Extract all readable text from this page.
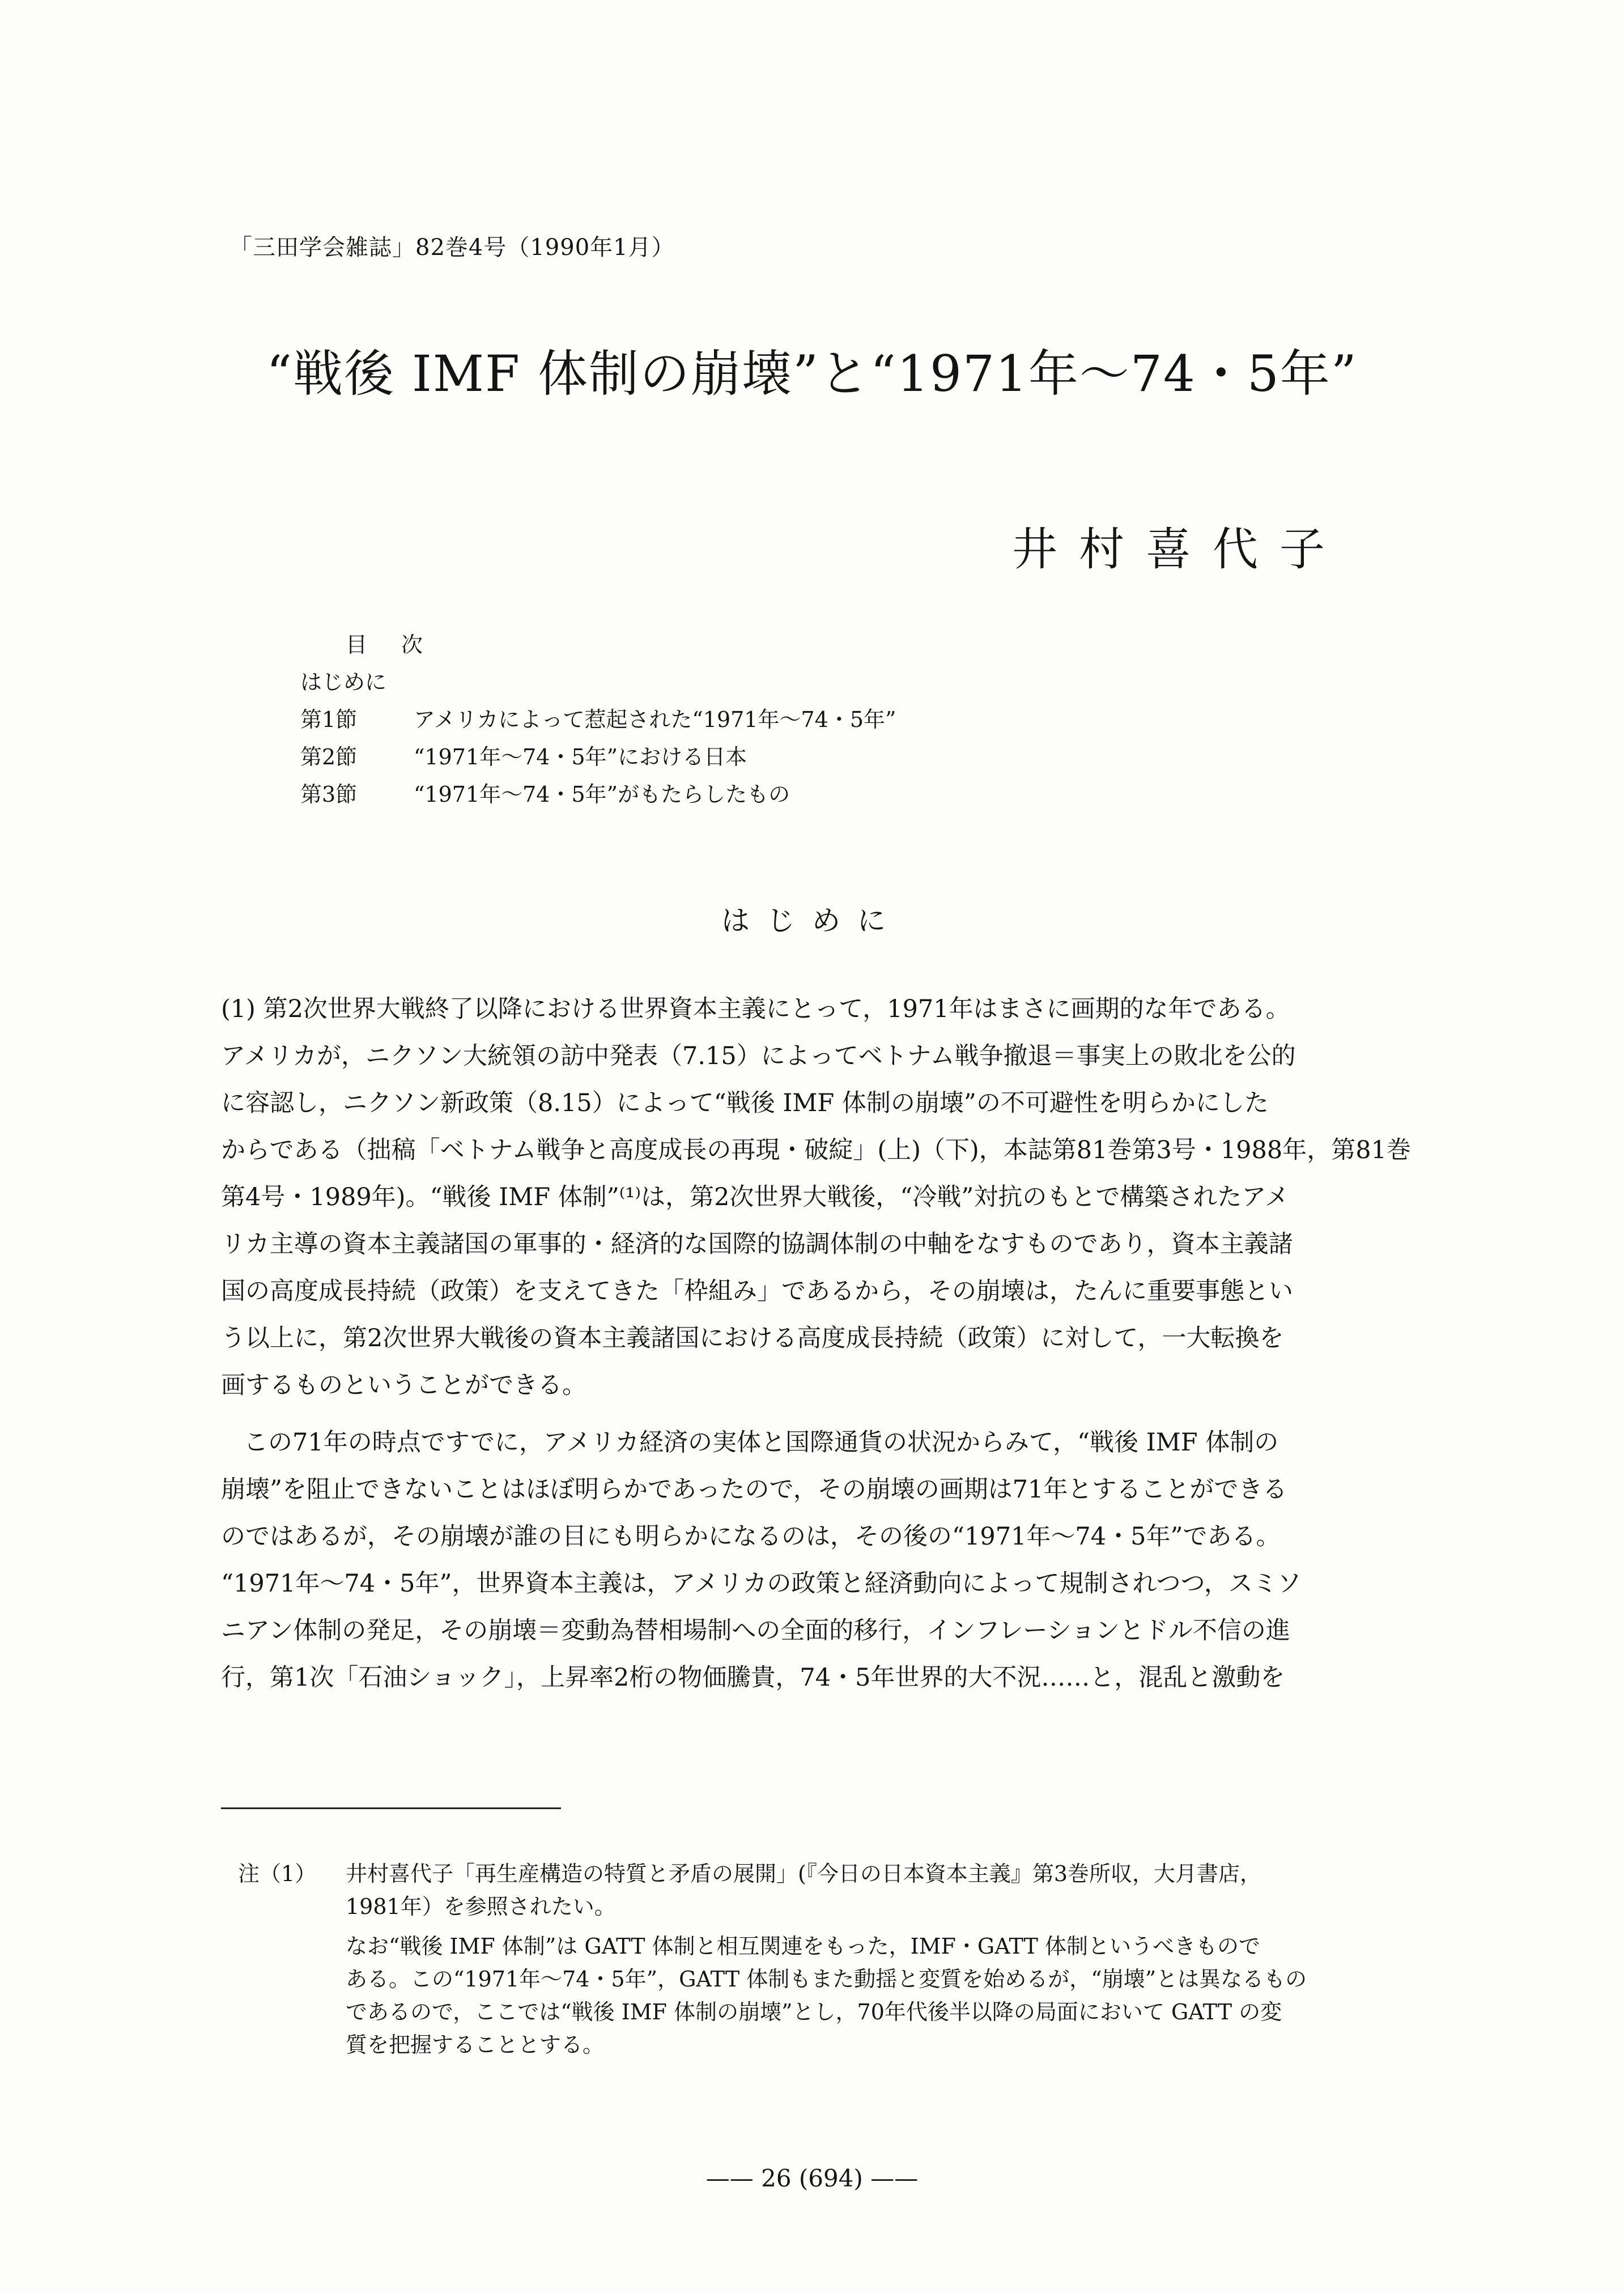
「三田学会雑誌」82巻4号（1990年1月）
“戦後 IMF 体制の崩壊”と“1971年〜74・5年”
井村喜代子
目次
はじめに
第1節	アメリカによって惹起された“1971年〜74・5年”
第2節	“1971年〜74・5年”における日本
第3節	“1971年〜74・5年”がもたらしたもの
はじめに

(1) 第2次世界大戦終了以降における世界資本主義にとって，1971年はまさに画期的な年である。
アメリカが，ニクソン大統領の訪中発表（7.15）によってベトナム戦争撤退＝事実上の敗北を公的
に容認し，ニクソン新政策（8.15）によって“戦後 IMF 体制の崩壊”の不可避性を明らかにした
からである（拙稿「ベトナム戦争と高度成長の再現・破綻」(上)（下)，本誌第81巻第3号・1988年，第81巻
第4号・1989年)。“戦後 IMF 体制”⁽¹⁾は，第2次世界大戦後，“冷戦”対抗のもとで構築されたアメ
リカ主導の資本主義諸国の軍事的・経済的な国際的協調体制の中軸をなすものであり，資本主義諸
国の高度成長持続（政策）を支えてきた「枠組み」であるから，その崩壊は，たんに重要事態とい
う以上に，第2次世界大戦後の資本主義諸国における高度成長持続（政策）に対して，一大転換を
画するものということができる。

この71年の時点ですでに，アメリカ経済の実体と国際通貨の状況からみて，“戦後 IMF 体制の
崩壊”を阻止できないことはほぼ明らかであったので，その崩壊の画期は71年とすることができる
のではあるが，その崩壊が誰の目にも明らかになるのは，その後の“1971年〜74・5年”である。
“1971年〜74・5年”，世界資本主義は，アメリカの政策と経済動向によって規制されつつ，スミソ
ニアン体制の発足，その崩壊＝変動為替相場制への全面的移行，インフレーションとドル不信の進
行，第1次「石油ショック」，上昇率2桁の物価騰貴，74・5年世界的大不況……と，混乱と激動を

注（1） 井村喜代子「再生産構造の特質と矛盾の展開」(『今日の日本資本主義』第3巻所収，大月書店，
1981年）を参照されたい。

なお“戦後 IMF 体制”は GATT 体制と相互関連をもった，IMF・GATT 体制というべきもので
ある。この“1971年〜74・5年”，GATT 体制もまた動揺と変質を始めるが，“崩壊”とは異なるもの
であるので，ここでは“戦後 IMF 体制の崩壊”とし，70年代後半以降の局面において GATT の変
質を把握することとする。
—— 26 (694) ——
